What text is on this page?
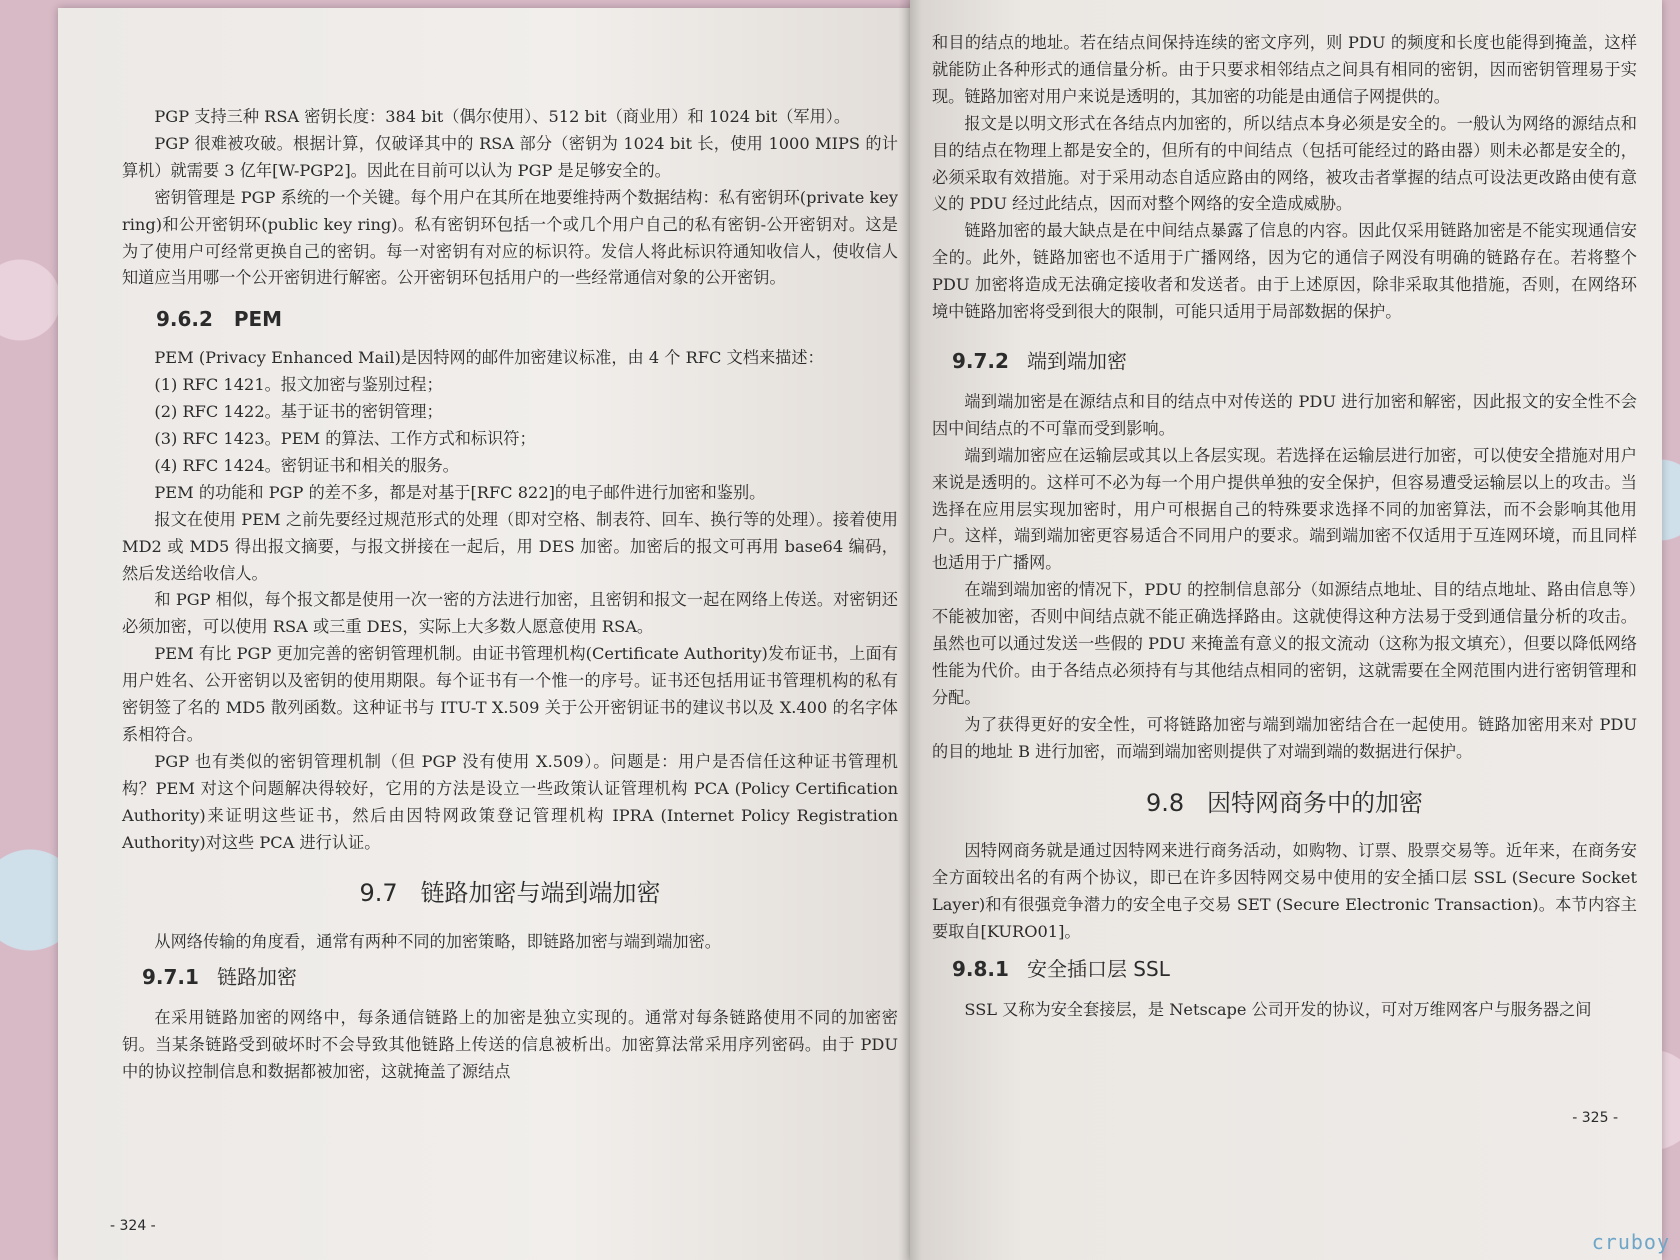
PGP 支持三种 RSA 密钥长度：384 bit（偶尔使用）、512 bit（商业用）和 1024 bit（军用）。

PGP 很难被攻破。根据计算，仅破译其中的 RSA 部分（密钥为 1024 bit 长，使用 1000 MIPS 的计算机）就需要 3 亿年[W-PGP2]。因此在目前可以认为 PGP 是足够安全的。

密钥管理是 PGP 系统的一个关键。每个用户在其所在地要维持两个数据结构：私有密钥环(private key ring)和公开密钥环(public key ring)。私有密钥环包括一个或几个用户自己的私有密钥-公开密钥对。这是为了使用户可经常更换自己的密钥。每一对密钥有对应的标识符。发信人将此标识符通知收信人，使收信人知道应当用哪一个公开密钥进行解密。公开密钥环包括用户的一些经常通信对象的公开密钥。

9.6.2 PEM

PEM (Privacy Enhanced Mail)是因特网的邮件加密建议标准，由 4 个 RFC 文档来描述：

(1) RFC 1421。报文加密与鉴别过程；

(2) RFC 1422。基于证书的密钥管理；

(3) RFC 1423。PEM 的算法、工作方式和标识符；

(4) RFC 1424。密钥证书和相关的服务。

PEM 的功能和 PGP 的差不多，都是对基于[RFC 822]的电子邮件进行加密和鉴别。

报文在使用 PEM 之前先要经过规范形式的处理（即对空格、制表符、回车、换行等的处理）。接着使用 MD2 或 MD5 得出报文摘要，与报文拼接在一起后，用 DES 加密。加密后的报文可再用 base64 编码，然后发送给收信人。

和 PGP 相似，每个报文都是使用一次一密的方法进行加密，且密钥和报文一起在网络上传送。对密钥还必须加密，可以使用 RSA 或三重 DES，实际上大多数人愿意使用 RSA。

PEM 有比 PGP 更加完善的密钥管理机制。由证书管理机构(Certificate Authority)发布证书，上面有用户姓名、公开密钥以及密钥的使用期限。每个证书有一个惟一的序号。证书还包括用证书管理机构的私有密钥签了名的 MD5 散列函数。这种证书与 ITU-T X.509 关于公开密钥证书的建议书以及 X.400 的名字体系相符合。

PGP 也有类似的密钥管理机制（但 PGP 没有使用 X.509）。问题是：用户是否信任这种证书管理机构？PEM 对这个问题解决得较好，它用的方法是设立一些政策认证管理机构 PCA (Policy Certification Authority)来证明这些证书，然后由因特网政策登记管理机构 IPRA (Internet Policy Registration Authority)对这些 PCA 进行认证。

9.7 链路加密与端到端加密

从网络传输的角度看，通常有两种不同的加密策略，即链路加密与端到端加密。

9.7.1 链路加密

在采用链路加密的网络中，每条通信链路上的加密是独立实现的。通常对每条链路使用不同的加密密钥。当某条链路受到破坏时不会导致其他链路上传送的信息被析出。加密算法常采用序列密码。由于 PDU 中的协议控制信息和数据都被加密，这就掩盖了源结点

- 324 -

和目的结点的地址。若在结点间保持连续的密文序列，则 PDU 的频度和长度也能得到掩盖，这样就能防止各种形式的通信量分析。由于只要求相邻结点之间具有相同的密钥，因而密钥管理易于实现。链路加密对用户来说是透明的，其加密的功能是由通信子网提供的。

报文是以明文形式在各结点内加密的，所以结点本身必须是安全的。一般认为网络的源结点和目的结点在物理上都是安全的，但所有的中间结点（包括可能经过的路由器）则未必都是安全的，必须采取有效措施。对于采用动态自适应路由的网络，被攻击者掌握的结点可设法更改路由使有意义的 PDU 经过此结点，因而对整个网络的安全造成威胁。

链路加密的最大缺点是在中间结点暴露了信息的内容。因此仅采用链路加密是不能实现通信安全的。此外，链路加密也不适用于广播网络，因为它的通信子网没有明确的链路存在。若将整个 PDU 加密将造成无法确定接收者和发送者。由于上述原因，除非采取其他措施，否则，在网络环境中链路加密将受到很大的限制，可能只适用于局部数据的保护。

9.7.2 端到端加密

端到端加密是在源结点和目的结点中对传送的 PDU 进行加密和解密，因此报文的安全性不会因中间结点的不可靠而受到影响。

端到端加密应在运输层或其以上各层实现。若选择在运输层进行加密，可以使安全措施对用户来说是透明的。这样可不必为每一个用户提供单独的安全保护，但容易遭受运输层以上的攻击。当选择在应用层实现加密时，用户可根据自己的特殊要求选择不同的加密算法，而不会影响其他用户。这样，端到端加密更容易适合不同用户的要求。端到端加密不仅适用于互连网环境，而且同样也适用于广播网。

在端到端加密的情况下，PDU 的控制信息部分（如源结点地址、目的结点地址、路由信息等）不能被加密，否则中间结点就不能正确选择路由。这就使得这种方法易于受到通信量分析的攻击。虽然也可以通过发送一些假的 PDU 来掩盖有意义的报文流动（这称为报文填充），但要以降低网络性能为代价。由于各结点必须持有与其他结点相同的密钥，这就需要在全网范围内进行密钥管理和分配。

为了获得更好的安全性，可将链路加密与端到端加密结合在一起使用。链路加密用来对 PDU 的目的地址 B 进行加密，而端到端加密则提供了对端到端的数据进行保护。

9.8 因特网商务中的加密

因特网商务就是通过因特网来进行商务活动，如购物、订票、股票交易等。近年来，在商务安全方面较出名的有两个协议，即已在许多因特网交易中使用的安全插口层 SSL (Secure Socket Layer)和有很强竞争潜力的安全电子交易 SET (Secure Electronic Transaction)。本节内容主要取自[KURO01]。

9.8.1 安全插口层 SSL

SSL 又称为安全套接层，是 Netscape 公司开发的协议，可对万维网客户与服务器之间

- 325 -
cruboy
